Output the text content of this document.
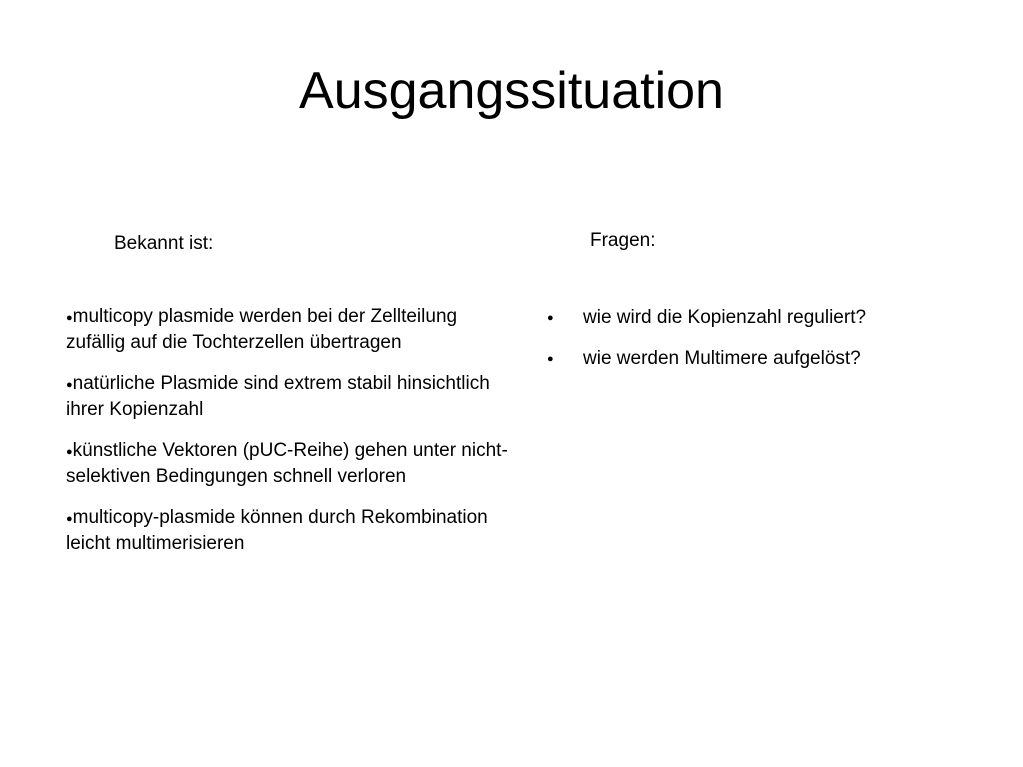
Ausgangssituation
Bekannt ist:	Fragen:
●multicopy plasmide werden bei der Zellteilung zufällig auf die Tochterzellen übertragen
●natürliche Plasmide sind extrem stabil hinsichtlich ihrer Kopienzahl
●künstliche Vektoren (pUC-Reihe) gehen unter nicht-selektiven Bedingungen schnell verloren
●multicopy-plasmide können durch Rekombination leicht multimerisieren
● wie wird die Kopienzahl reguliert?
● wie werden Multimere aufgelöst?
